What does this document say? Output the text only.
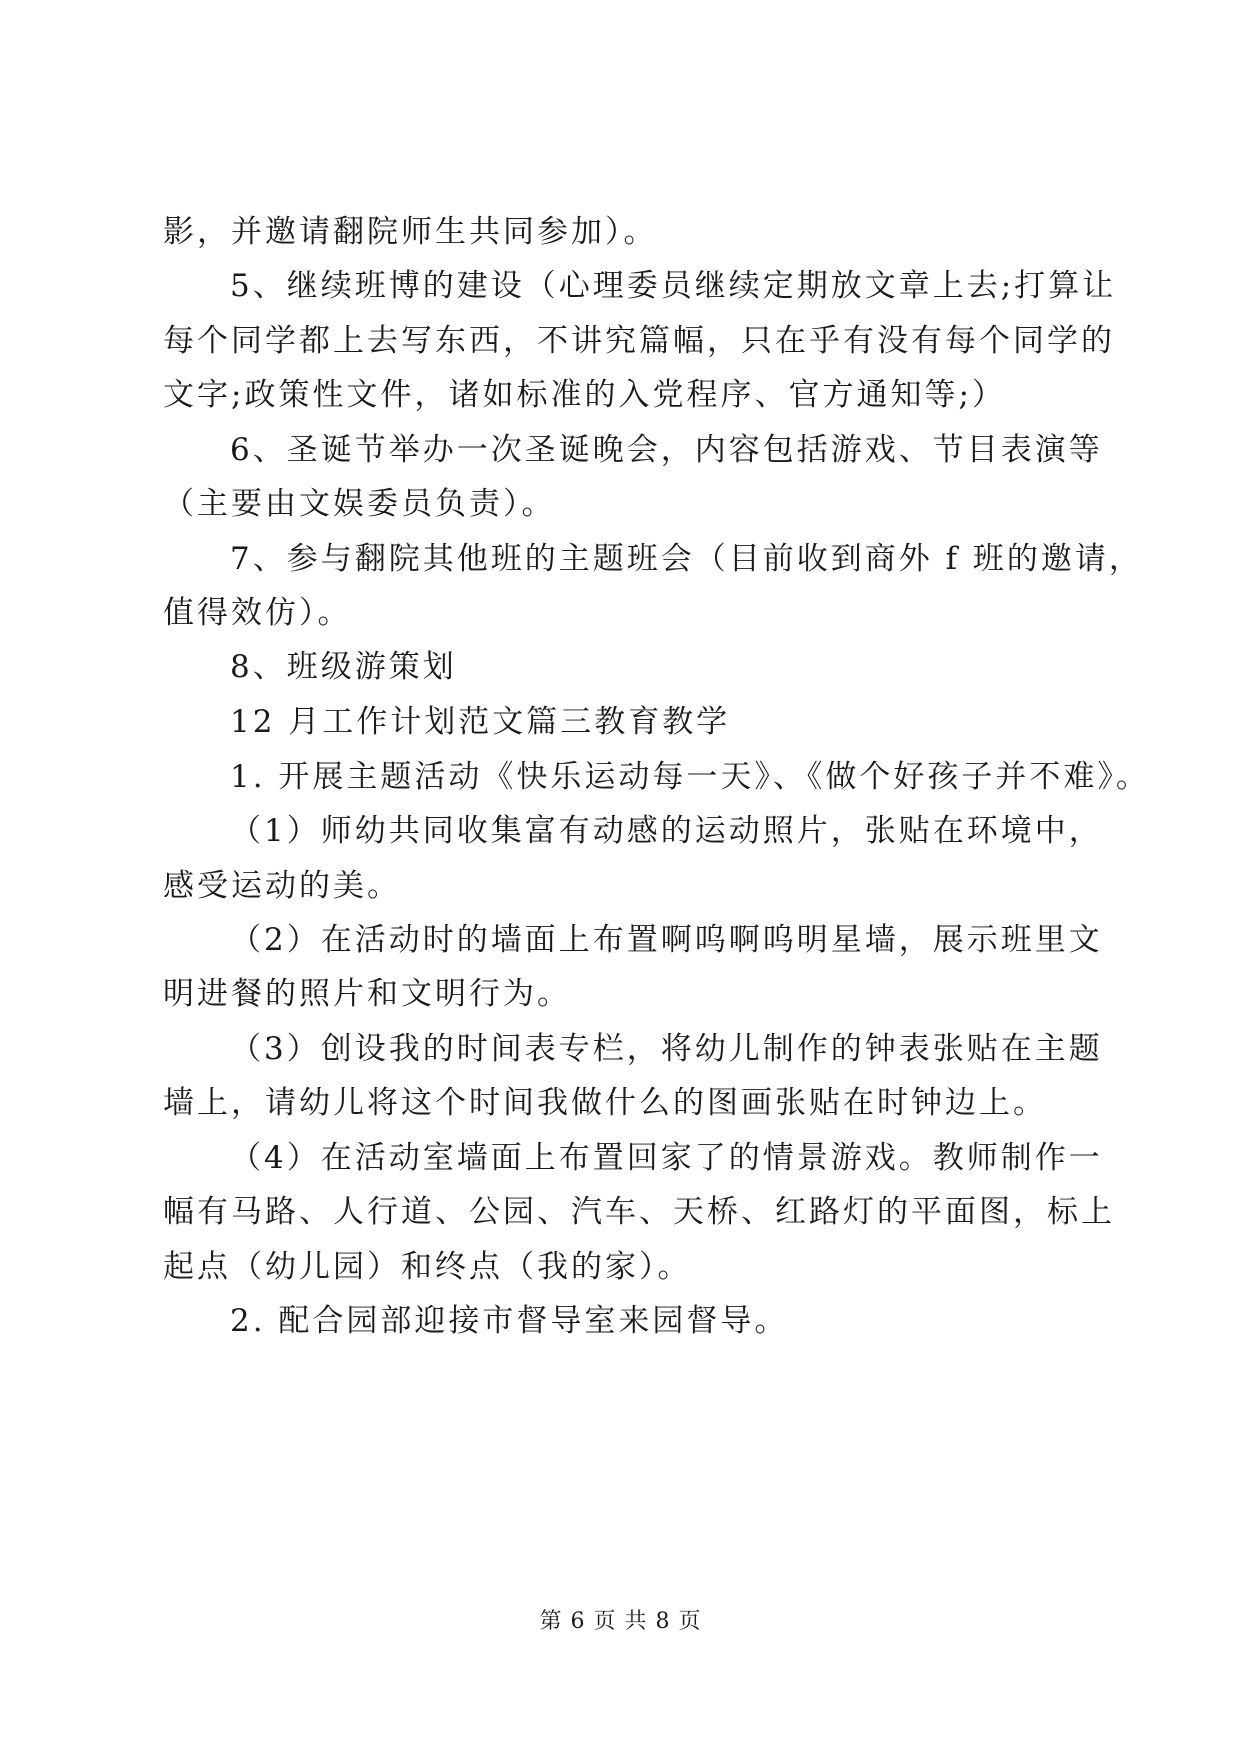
影，并邀请翻院师生共同参加）。
5、继续班博的建设（心理委员继续定期放文章上去;打算让
每个同学都上去写东西，不讲究篇幅，只在乎有没有每个同学的
文字;政策性文件，诸如标准的入党程序、官方通知等;）
6、圣诞节举办一次圣诞晚会，内容包括游戏、节目表演等
（主要由文娱委员负责）。
7、参与翻院其他班的主题班会（目前收到商外 f 班的邀请，
值得效仿）。
8、班级游策划
12 月工作计划范文篇三教育教学
1. 开展主题活动《快乐运动每一天》、《做个好孩子并不难》。
（1）师幼共同收集富有动感的运动照片，张贴在环境中，
感受运动的美。
（2）在活动时的墙面上布置啊呜啊呜明星墙，展示班里文
明进餐的照片和文明行为。
（3）创设我的时间表专栏，将幼儿制作的钟表张贴在主题
墙上，请幼儿将这个时间我做什么的图画张贴在时钟边上。
（4）在活动室墙面上布置回家了的情景游戏。教师制作一
幅有马路、人行道、公园、汽车、天桥、红路灯的平面图，标上
起点（幼儿园）和终点（我的家）。
2. 配合园部迎接市督导室来园督导。
第 6 页 共 8 页
